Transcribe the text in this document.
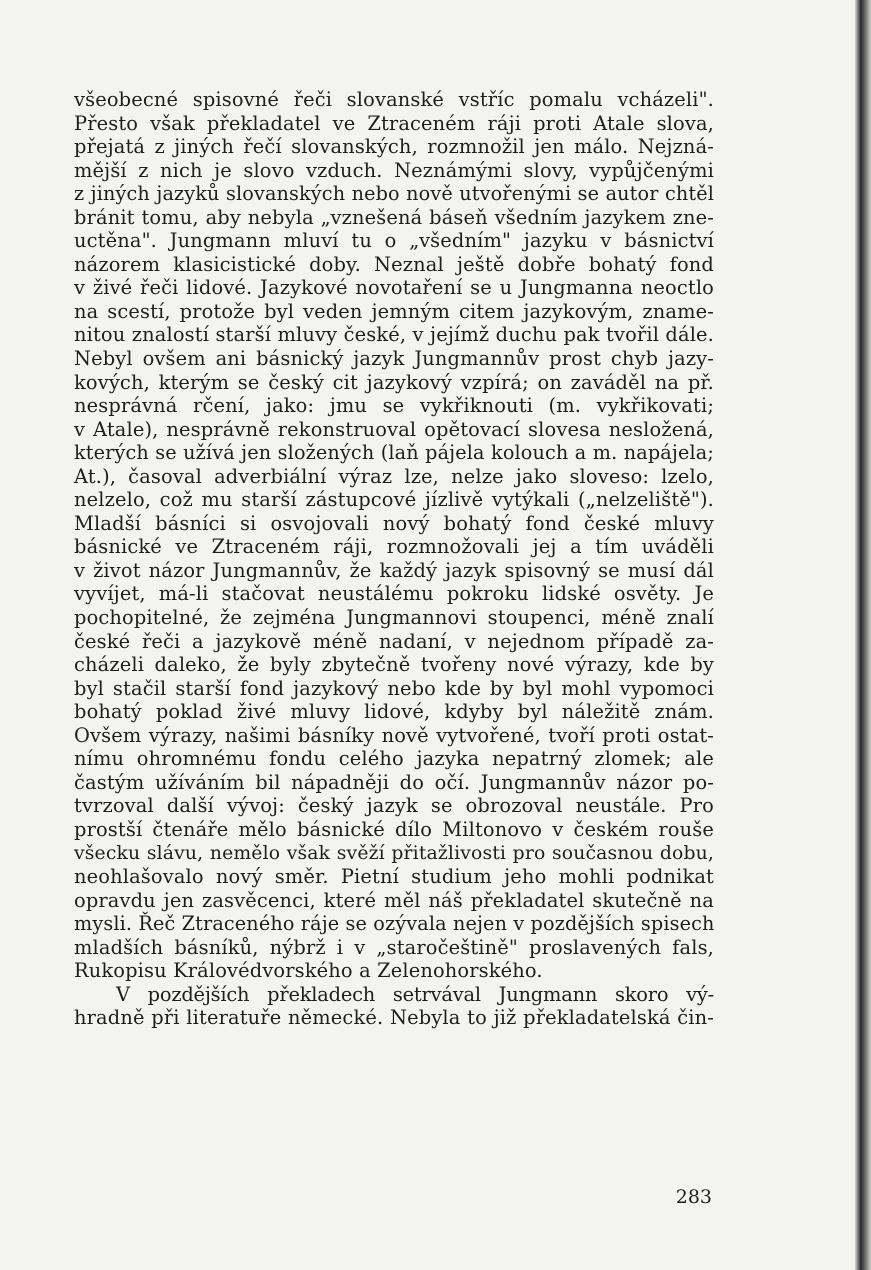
všeobecné spisovné řeči slovanské vstříc pomalu vcházeli".
Přesto však překladatel ve Ztraceném ráji proti Atale slova,
přejatá z jiných řečí slovanských, rozmnožil jen málo. Nejzná-
mější z nich je slovo vzduch. Neznámými slovy, vypůjčenými
z jiných jazyků slovanských nebo nově utvořenými se autor chtěl
bránit tomu, aby nebyla „vznešená báseň všedním jazykem zne-
uctěna". Jungmann mluví tu o „všedním" jazyku v básnictví
názorem klasicistické doby. Neznal ještě dobře bohatý fond
v živé řeči lidové. Jazykové novotaření se u Jungmanna neoctlo
na scestí, protože byl veden jemným citem jazykovým, zname-
nitou znalostí starší mluvy české, v jejímž duchu pak tvořil dále.
Nebyl ovšem ani básnický jazyk Jungmannův prost chyb jazy-
kových, kterým se český cit jazykový vzpírá; on zaváděl na př.
nesprávná rčení, jako: jmu se vykřiknouti (m. vykřikovati;
v Atale), nesprávně rekonstruoval opětovací slovesa nesložená,
kterých se užívá jen složených (laň pájela kolouch a m. napájela;
At.), časoval adverbiální výraz lze, nelze jako sloveso: lzelo,
nelzelo, což mu starší zástupcové jízlivě vytýkali („nelzeliště").
Mladší básníci si osvojovali nový bohatý fond české mluvy
básnické ve Ztraceném ráji, rozmnožovali jej a tím uváděli
v život názor Jungmannův, že každý jazyk spisovný se musí dál
vyvíjet, má-li stačovat neustálému pokroku lidské osvěty. Je
pochopitelné, že zejména Jungmannovi stoupenci, méně znalí
české řeči a jazykově méně nadaní, v nejednom případě za-
cházeli daleko, že byly zbytečně tvořeny nové výrazy, kde by
byl stačil starší fond jazykový nebo kde by byl mohl vypomoci
bohatý poklad živé mluvy lidové, kdyby byl náležitě znám.
Ovšem výrazy, našimi básníky nově vytvořené, tvoří proti ostat-
nímu ohromnému fondu celého jazyka nepatrný zlomek; ale
častým užíváním bil nápadněji do očí. Jungmannův názor po-
tvrzoval další vývoj: český jazyk se obrozoval neustále. Pro
prostší čtenáře mělo básnické dílo Miltonovo v českém rouše
všecku slávu, nemělo však svěží přitažlivosti pro současnou dobu,
neohlašovalo nový směr. Pietní studium jeho mohli podnikat
opravdu jen zasvěcenci, které měl náš překladatel skutečně na
mysli. Řeč Ztraceného ráje se ozývala nejen v pozdějších spisech
mladších básníků, nýbrž i v „staročeštině" proslavených fals,
Rukopisu Královédvorského a Zelenohorského.
V pozdějších překladech setrvával Jungmann skoro vý-
hradně při literatuře německé. Nebyla to již překladatelská čin-
283
